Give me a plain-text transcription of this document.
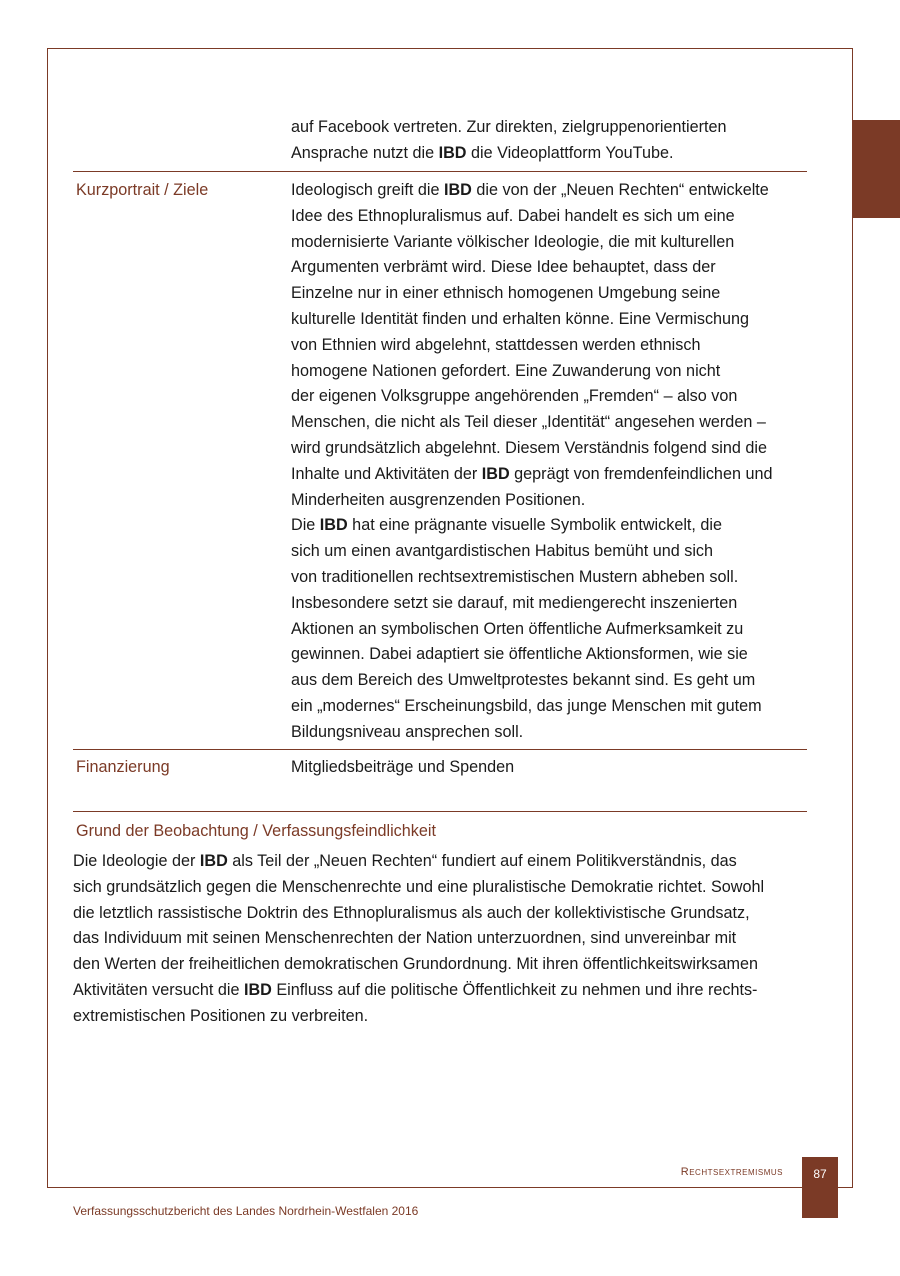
auf Facebook vertreten. Zur direkten, zielgruppenorientierten
Ansprache nutzt die IBD die Videoplattform YouTube.
Kurzportrait / Ziele	Ideologisch greift die IBD die von der „Neuen Rechten“ entwickelte
Idee des Ethnopluralismus auf. Dabei handelt es sich um eine
modernisierte Variante völkischer Ideologie, die mit kulturellen
Argumenten verbrämt wird. Diese Idee behauptet, dass der
Einzelne nur in einer ethnisch homogenen Umgebung seine
kulturelle Identität finden und erhalten könne. Eine Vermischung
von Ethnien wird abgelehnt, stattdessen werden ethnisch
homogene Nationen gefordert. Eine Zuwanderung von nicht
der eigenen Volksgruppe angehörenden „Fremden“ – also von
Menschen, die nicht als Teil dieser „Identität“ angesehen werden –
wird grundsätzlich abgelehnt. Diesem Verständnis folgend sind die
Inhalte und Aktivitäten der IBD geprägt von fremdenfeindlichen und
Minderheiten ausgrenzenden Positionen.
Die IBD hat eine prägnante visuelle Symbolik entwickelt, die
sich um einen avantgardistischen Habitus bemüht und sich
von traditionellen rechtsextremistischen Mustern abheben soll.
Insbesondere setzt sie darauf, mit mediengerecht inszenierten
Aktionen an symbolischen Orten öffentliche Aufmerksamkeit zu
gewinnen. Dabei adaptiert sie öffentliche Aktionsformen, wie sie
aus dem Bereich des Umweltprotestes bekannt sind. Es geht um
ein „modernes“ Erscheinungsbild, das junge Menschen mit gutem
Bildungsniveau ansprechen soll.
Finanzierung	Mitgliedsbeiträge und Spenden
Grund der Beobachtung / Verfassungsfeindlichkeit
Die Ideologie der IBD als Teil der „Neuen Rechten“ fundiert auf einem Politikverständnis, das
sich grundsätzlich gegen die Menschenrechte und eine pluralistische Demokratie richtet. Sowohl
die letztlich rassistische Doktrin des Ethnopluralismus als auch der kollektivistische Grundsatz,
das Individuum mit seinen Menschenrechten der Nation unterzuordnen, sind unvereinbar mit
den Werten der freiheitlichen demokratischen Grundordnung. Mit ihren öffentlichkeitswirksamen
Aktivitäten versucht die IBD Einfluss auf die politische Öffentlichkeit zu nehmen und ihre rechts-
extremistischen Positionen zu verbreiten.
Rechtsextremismus	87
Verfassungsschutzbericht des Landes Nordrhein-Westfalen 2016
